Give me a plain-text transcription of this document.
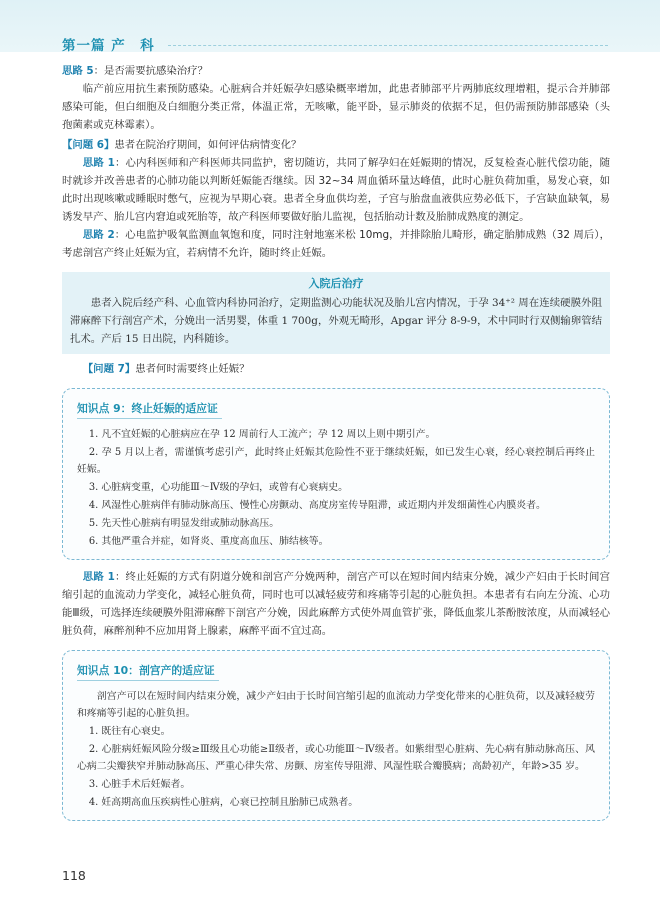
第一篇 产　科

思路 5：是否需要抗感染治疗？

临产前应用抗生素预防感染。心脏病合并妊娠孕妇感染概率增加，此患者肺部平片两肺底纹理增粗，提示合并肺部感染可能，但白细胞及白细胞分类正常，体温正常，无咳嗽，能平卧，显示肺炎的依据不足，但仍需预防肺部感染（头孢菌素或克林霉素）。

【问题 6】患者在院治疗期间，如何评估病情变化？

思路 1：心内科医师和产科医师共同监护，密切随访，共同了解孕妇在妊娠期的情况，反复检查心脏代偿功能，随时就诊并改善患者的心肺功能以判断妊娠能否继续。因 32~34 周血循环量达峰值，此时心脏负荷加重，易发心衰，如此时出现咳嗽或睡眠时憋气，应视为早期心衰。患者全身血供均差，子宫与胎盘血液供应势必低下，子宫缺血缺氧，易诱发早产、胎儿宫内窘迫或死胎等，故产科医师要做好胎儿监视，包括胎动计数及胎肺成熟度的测定。

思路 2：心电监护吸氧监测血氧饱和度，同时注射地塞米松 10mg，并排除胎儿畸形，确定胎肺成熟（32 周后），考虑剖宫产终止妊娠为宜，若病情不允许，随时终止妊娠。

入院后治疗
患者入院后经产科、心血管内科协同治疗，定期监测心功能状况及胎儿宫内情况，于孕 34⁺² 周在连续硬膜外阻滞麻醉下行剖宫产术，分娩出一活男婴，体重 1 700g，外观无畸形，Apgar 评分 8-9-9，术中同时行双侧输卵管结扎术。产后 15 日出院，内科随诊。

【问题 7】患者何时需要终止妊娠？

知识点 9：终止妊娠的适应证
1. 凡不宜妊娠的心脏病应在孕 12 周前行人工流产；孕 12 周以上则中期引产。
2. 孕 5 月以上者，需谨慎考虑引产，此时终止妊娠其危险性不亚于继续妊娠，如已发生心衰，经心衰控制后再终止妊娠。
3. 心脏病变重，心功能Ⅲ～Ⅳ级的孕妇，或曾有心衰病史。
4. 风湿性心脏病伴有肺动脉高压、慢性心房颤动、高度房室传导阻滞，或近期内并发细菌性心内膜炎者。
5. 先天性心脏病有明显发绀或肺动脉高压。
6. 其他严重合并症，如肾炎、重度高血压、肺结核等。

思路 1：终止妊娠的方式有阴道分娩和剖宫产分娩两种，剖宫产可以在短时间内结束分娩，减少产妇由于长时间宫缩引起的血流动力学变化，减轻心脏负荷，同时也可以减轻疲劳和疼痛等引起的心脏负担。本患者有右向左分流、心功能Ⅲ级，可选择连续硬膜外阻滞麻醉下剖宫产分娩，因此麻醉方式使外周血管扩张，降低血浆儿茶酚胺浓度，从而减轻心脏负荷，麻醉剂种不应加用肾上腺素，麻醉平面不宜过高。

知识点 10：剖宫产的适应证
剖宫产可以在短时间内结束分娩，减少产妇由于长时间宫缩引起的血流动力学变化带来的心脏负荷，以及减轻疲劳和疼痛等引起的心脏负担。
1. 既往有心衰史。
2. 心脏病妊娠风险分级≥Ⅲ级且心功能≥Ⅱ级者，或心功能Ⅲ～Ⅳ级者。如紫绀型心脏病、先心病有肺动脉高压、风心病二尖瓣狭窄并肺动脉高压、严重心律失常、房颤、房室传导阻滞、风湿性联合瓣膜病；高龄初产，年龄>35 岁。
3. 心脏手术后妊娠者。
4. 妊高期高血压疾病性心脏病，心衰已控制且胎肺已成熟者。
118
